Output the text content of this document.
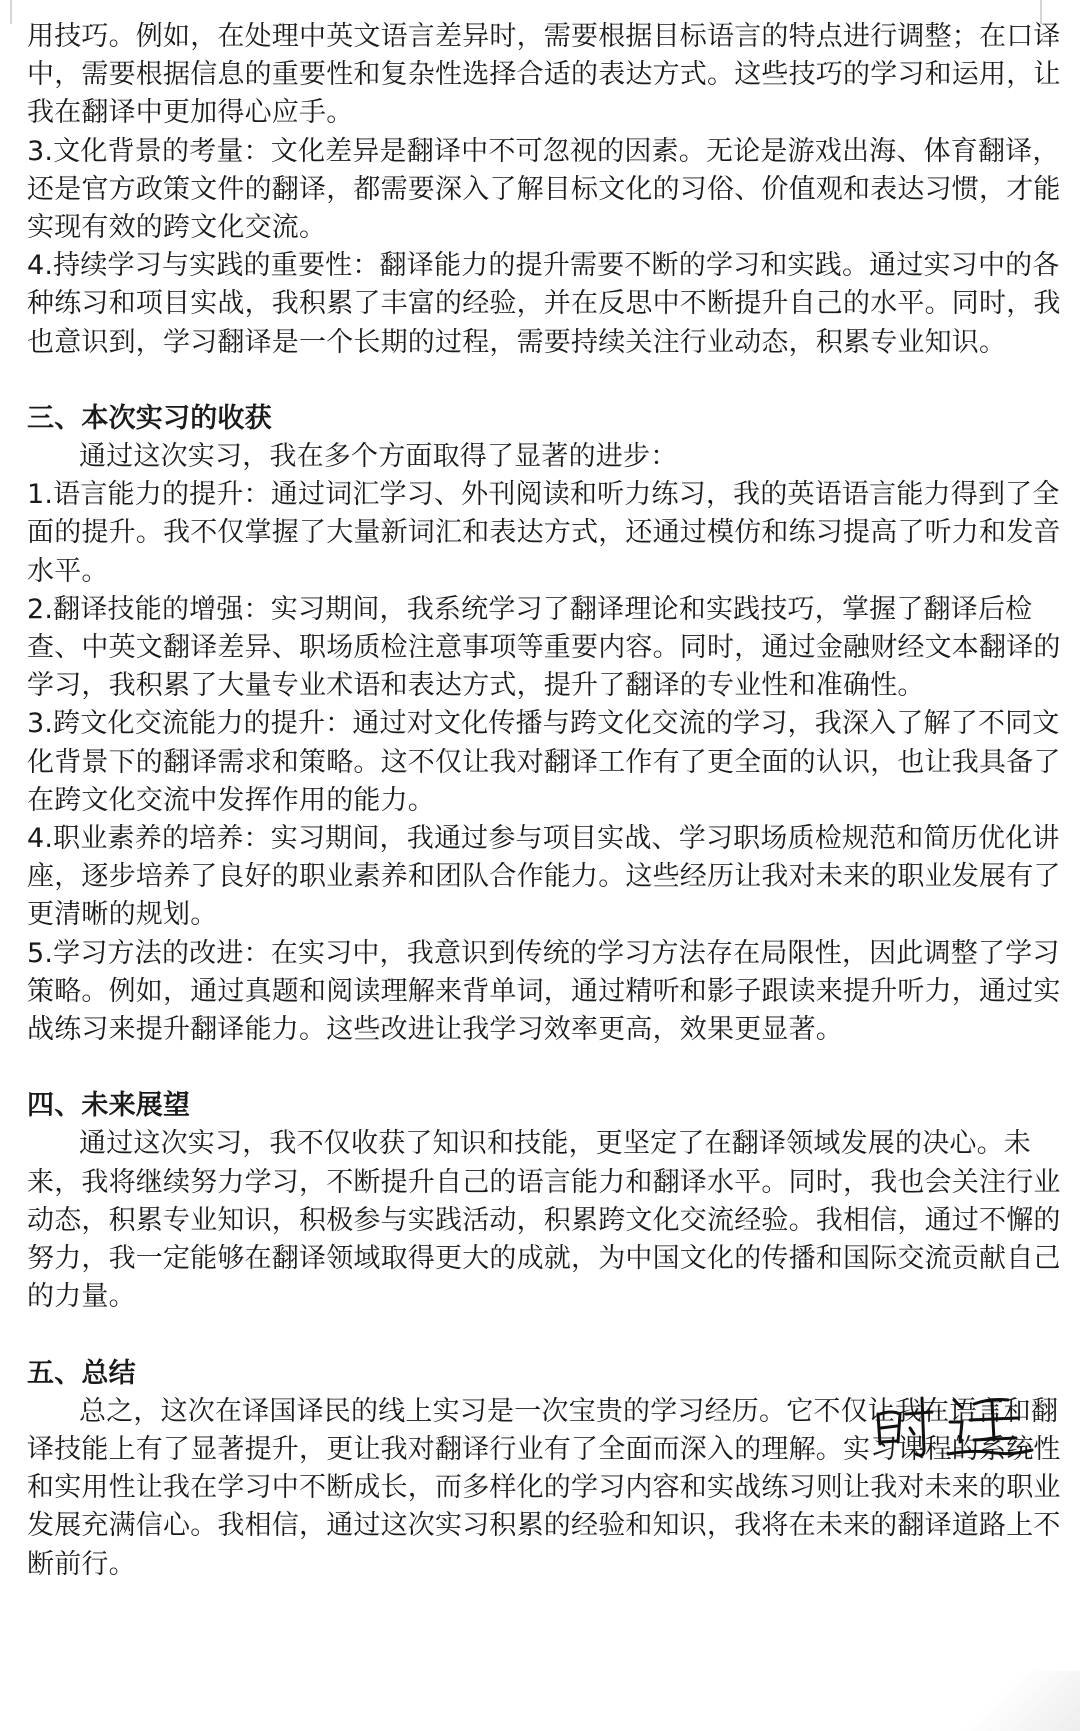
用技巧。例如，在处理中英文语言差异时，需要根据目标语言的特点进行调整；在口译中，需要根据信息的重要性和复杂性选择合适的表达方式。这些技巧的学习和运用，让我在翻译中更加得心应手。

3.文化背景的考量：文化差异是翻译中不可忽视的因素。无论是游戏出海、体育翻译，还是官方政策文件的翻译，都需要深入了解目标文化的习俗、价值观和表达习惯，才能实现有效的跨文化交流。

4.持续学习与实践的重要性：翻译能力的提升需要不断的学习和实践。通过实习中的各种练习和项目实战，我积累了丰富的经验，并在反思中不断提升自己的水平。同时，我也意识到，学习翻译是一个长期的过程，需要持续关注行业动态，积累专业知识。

三、本次实习的收获

通过这次实习，我在多个方面取得了显著的进步：

1.语言能力的提升：通过词汇学习、外刊阅读和听力练习，我的英语语言能力得到了全面的提升。我不仅掌握了大量新词汇和表达方式，还通过模仿和练习提高了听力和发音水平。

2.翻译技能的增强：实习期间，我系统学习了翻译理论和实践技巧，掌握了翻译后检查、中英文翻译差异、职场质检注意事项等重要内容。同时，通过金融财经文本翻译的学习，我积累了大量专业术语和表达方式，提升了翻译的专业性和准确性。

3.跨文化交流能力的提升：通过对文化传播与跨文化交流的学习，我深入了解了不同文化背景下的翻译需求和策略。这不仅让我对翻译工作有了更全面的认识，也让我具备了在跨文化交流中发挥作用的能力。

4.职业素养的培养：实习期间，我通过参与项目实战、学习职场质检规范和简历优化讲座，逐步培养了良好的职业素养和团队合作能力。这些经历让我对未来的职业发展有了更清晰的规划。

5.学习方法的改进：在实习中，我意识到传统的学习方法存在局限性，因此调整了学习策略。例如，通过真题和阅读理解来背单词，通过精听和影子跟读来提升听力，通过实战练习来提升翻译能力。这些改进让我学习效率更高，效果更显著。

四、未来展望

通过这次实习，我不仅收获了知识和技能，更坚定了在翻译领域发展的决心。未来，我将继续努力学习，不断提升自己的语言能力和翻译水平。同时，我也会关注行业动态，积累专业知识，积极参与实践活动，积累跨文化交流经验。我相信，通过不懈的努力，我一定能够在翻译领域取得更大的成就，为中国文化的传播和国际交流贡献自己的力量。

五、总结

总之，这次在译国译民的线上实习是一次宝贵的学习经历。它不仅让我在语言和翻译技能上有了显著提升，更让我对翻译行业有了全面而深入的理解。实习课程的系统性和实用性让我在学习中不断成长，而多样化的学习内容和实战练习则让我对未来的职业发展充满信心。我相信，通过这次实习积累的经验和知识，我将在未来的翻译道路上不断前行。
